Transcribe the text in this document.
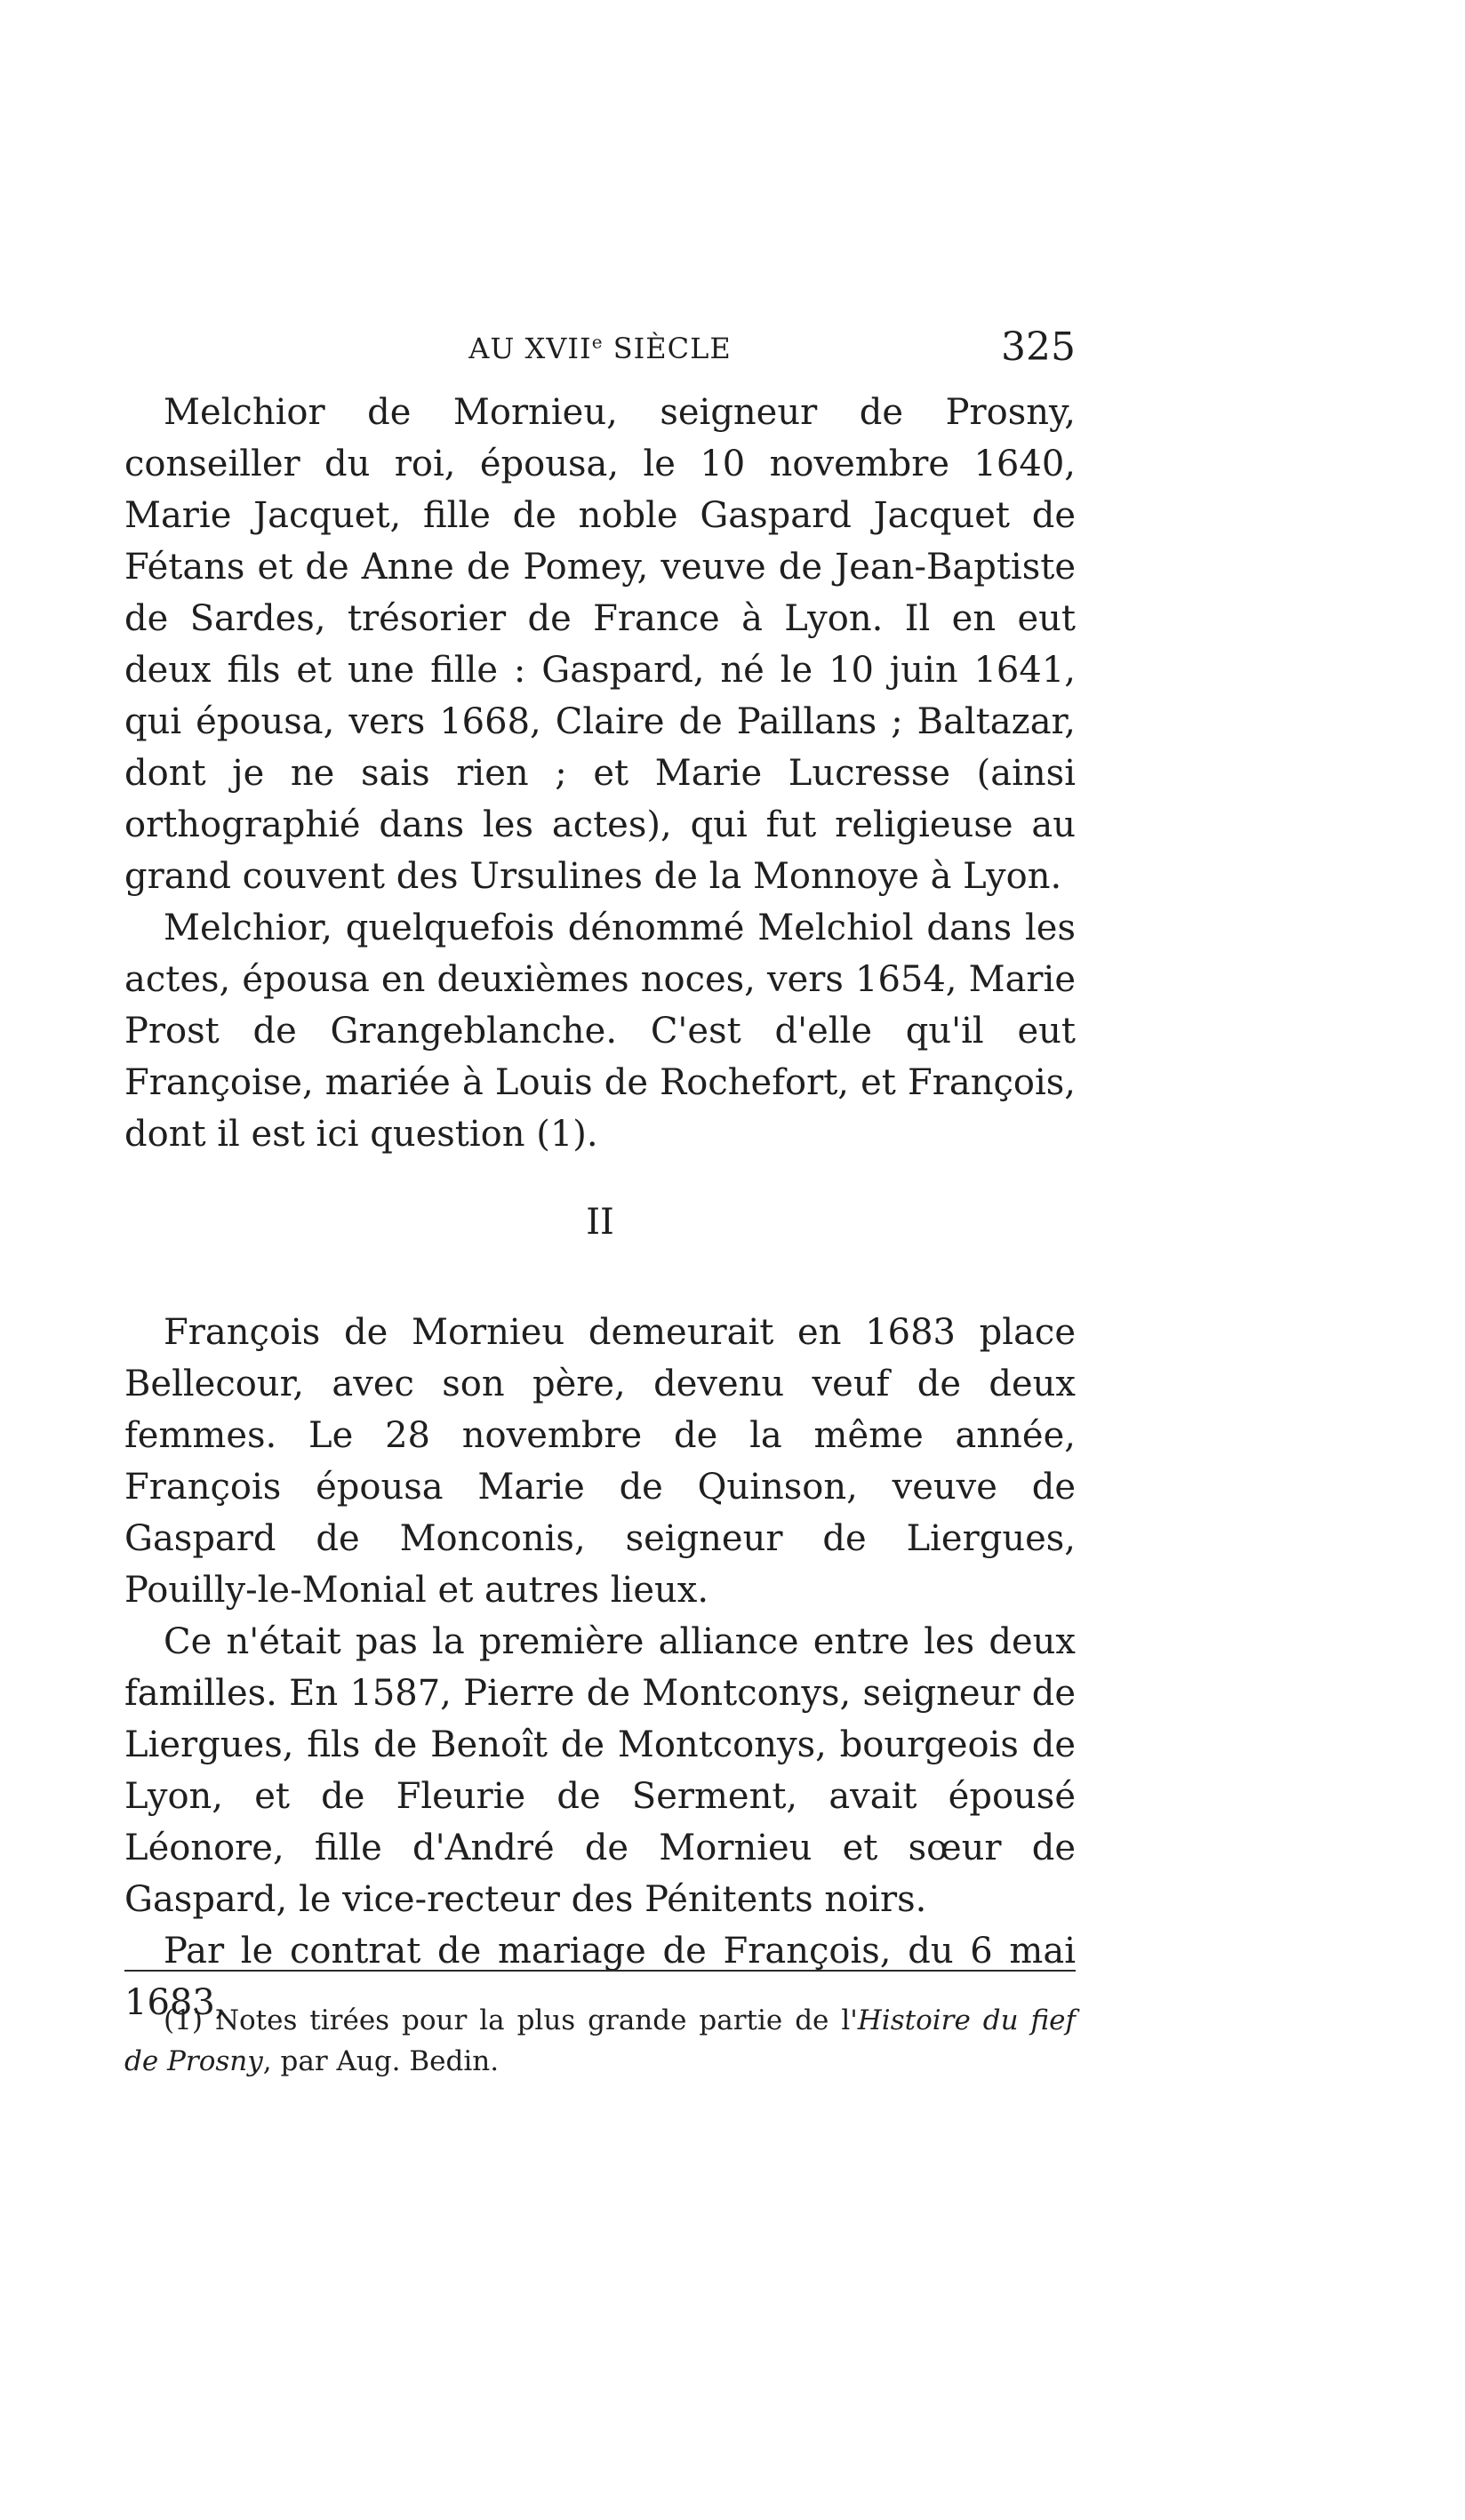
AU XVIIe SIÈCLE	325

Melchior de Mornieu, seigneur de Prosny, conseiller du roi, épousa, le 10 novembre 1640, Marie Jacquet, fille de noble Gaspard Jacquet de Fétans et de Anne de Pomey, veuve de Jean-Baptiste de Sardes, trésorier de France à Lyon. Il en eut deux fils et une fille : Gaspard, né le 10 juin 1641, qui épousa, vers 1668, Claire de Paillans ; Baltazar, dont je ne sais rien ; et Marie Lucresse (ainsi orthographié dans les actes), qui fut religieuse au grand couvent des Ursulines de la Monnoye à Lyon.

Melchior, quelquefois dénommé Melchiol dans les actes, épousa en deuxièmes noces, vers 1654, Marie Prost de Grangeblanche. C'est d'elle qu'il eut Françoise, mariée à Louis de Rochefort, et François, dont il est ici question (1).

II

François de Mornieu demeurait en 1683 place Bellecour, avec son père, devenu veuf de deux femmes. Le 28 novembre de la même année, François épousa Marie de Quinson, veuve de Gaspard de Monconis, seigneur de Liergues, Pouilly-le-Monial et autres lieux.

Ce n'était pas la première alliance entre les deux familles. En 1587, Pierre de Montconys, seigneur de Liergues, fils de Benoît de Montconys, bourgeois de Lyon, et de Fleurie de Serment, avait épousé Léonore, fille d'André de Mornieu et sœur de Gaspard, le vice-recteur des Pénitents noirs.

Par le contrat de mariage de François, du 6 mai 1683,

(1) Notes tirées pour la plus grande partie de l'Histoire du fief de Prosny, par Aug. Bedin.
